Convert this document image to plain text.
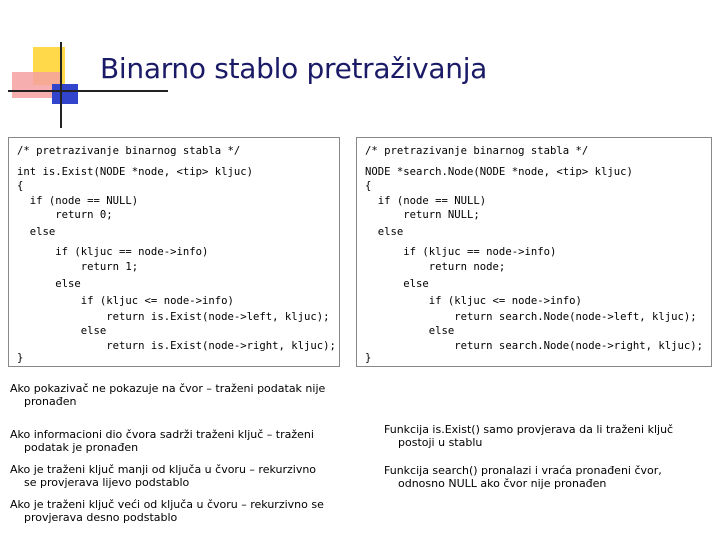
Binarno stablo pretraživanja
/* pretrazivanje binarnog stabla */
int is.Exist(NODE *node, <tip> kljuc)
{
if (node == NULL)
return 0;
else
if (kljuc == node->info)
return 1;
else
if (kljuc <= node->info)
return is.Exist(node->left, kljuc);
else
return is.Exist(node->right, kljuc);
}
/* pretrazivanje binarnog stabla */
NODE *search.Node(NODE *node, <tip> kljuc)
{
if (node == NULL)
return NULL;
else
if (kljuc == node->info)
return node;
else
if (kljuc <= node->info)
return search.Node(node->left, kljuc);
else
return search.Node(node->right, kljuc);
}
Ako pokazivač ne pokazuje na čvor – traženi podatak nije
pronađen
Ako informacioni dio čvora sadrži traženi ključ – traženi
podatak je pronađen
Ako je traženi ključ manji od ključa u čvoru – rekurzivno
se provjerava lijevo podstablo
Ako je traženi ključ veći od ključa u čvoru – rekurzivno se
provjerava desno podstablo
Funkcija is.Exist() samo provjerava da li traženi ključ
postoji u stablu
Funkcija search() pronalazi i vraća pronađeni čvor,
odnosno NULL ako čvor nije pronađen
